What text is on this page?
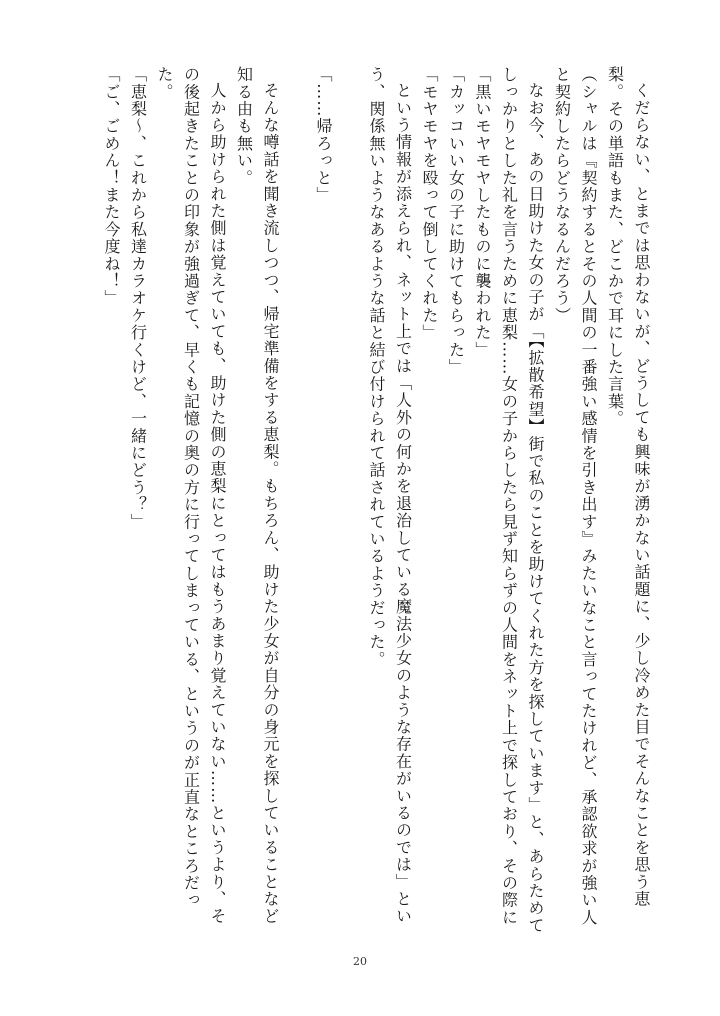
くだらない、とまでは思わないが、どうしても興味が湧かない話題に、少し冷めた目でそんなことを思う恵梨。その単語もまた、どこかで耳にした言葉。

（シャルは『契約するとその人間の一番強い感情を引き出す』みたいなこと言ってたけれど、承認欲求が強い人と契約したらどうなるんだろう）

なお今、あの日助けた女の子が「【拡散希望】街で私のことを助けてくれた方を探しています」と、あらためてしっかりとした礼を言うために恵梨……女の子からしたら見ず知らずの人間をネット上で探しており、その際に

「黒いモヤモヤしたものに襲われた」

「カッコいい女の子に助けてもらった」

「モヤモヤを殴って倒してくれた」

という情報が添えられ、ネット上では「人外の何かを退治している魔法少女のような存在がいるのでは」という、関係無いようなあるような話と結び付けられて話されているようだった。

「……帰ろっと」

そんな噂話を聞き流しつつ、帰宅準備をする恵梨。もちろん、助けた少女が自分の身元を探していることなど知る由も無い。

人から助けられた側は覚えていても、助けた側の恵梨にとってはもうあまり覚えていない……というより、その後起きたことの印象が強過ぎて、早くも記憶の奥の方に行ってしまっている、というのが正直なところだった。

「恵梨〜、これから私達カラオケ行くけど、一緒にどう？」

「ご、ごめん！また今度ね！」

20
